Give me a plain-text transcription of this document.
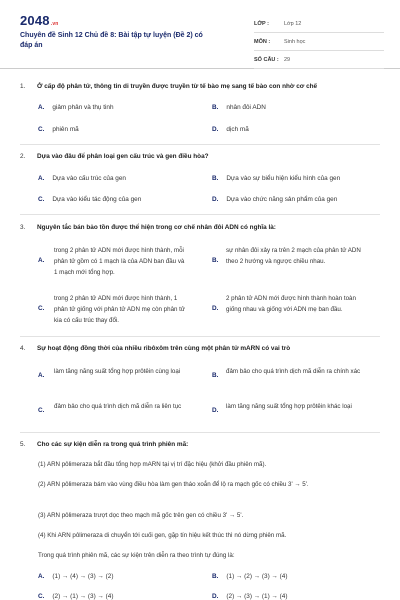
2048.vn
Chuyên đề Sinh 12 Chủ đề 8: Bài tập tự luyện (Đề 2) có đáp án
LỚP :	Lớp 12
MÔN :	Sinh học
SỐ CÂU : 29
1. Ở cấp độ phân tử, thông tin di truyền được truyền từ tế bào mẹ sang tế bào con nhờ cơ chế
A. giảm phân và thụ tinh	B. nhân đôi ADN
C. phiên mã	D. dịch mã
2. Dựa vào đâu để phân loại gen cấu trúc và gen điều hòa?
A. Dựa vào cấu trúc của gen	B. Dựa vào sự biểu hiện kiểu hình của gen
C. Dựa vào kiểu tác động của gen	D. Dựa vào chức năng sản phẩm của gen
3. Nguyên tắc bán bảo tồn được thể hiện trong cơ chế nhân đôi ADN có nghĩa là:
A.
trong 2 phân tử ADN mới được hình thành, mỗi phân tử gồm có 1 mạch là của ADN ban đầu và 1 mạch mới tổng hợp.
B.
sự nhân đôi xảy ra trên 2 mạch của phân tử ADN theo 2 hướng và ngược chiều nhau.
C.
trong 2 phân tử ADN mới được hình thành, 1 phân tử giống với phân tử ADN mẹ còn phân tử kia có cấu trúc thay đổi.
D.
2 phân tử ADN mới được hình thành hoàn toàn giống nhau và giống với ADN mẹ ban đầu.
4. Sự hoạt động đồng thời của nhiều ribôxôm trên cùng một phân tử mARN có vai trò
A.
làm tăng năng suất tổng hợp prôtêin cùng loại
B.
đảm bảo cho quá trình dịch mã diễn ra chính xác
C.
đảm bảo cho quá trình dịch mã diễn ra liên tục
D.
làm tăng năng suất tổng hợp prôtêin khác loại
5. Cho các sự kiện diễn ra trong quá trình phiên mã:
(1) ARN pôlimeraza bắt đầu tổng hợp mARN tại vị trí đặc hiệu (khởi đầu phiên mã).
(2) ARN pôlimeraza bám vào vùng điều hòa làm gen tháo xoắn để lộ ra mạch gốc có chiều 3' → 5'.
(3) ARN pôlimeraza trượt dọc theo mạch mã gốc trên gen có chiều 3' → 5'.
(4) Khi ARN pôlimeraza di chuyển tới cuối gen, gặp tín hiệu kết thúc thì nó dừng phiên mã.
Trong quá trình phiên mã, các sự kiện trên diễn ra theo trình tự đúng là:
A. (1) → (4) → (3) → (2)	B. (1) → (2) → (3) → (4)
C. (2) → (1) → (3) → (4)	D. (2) → (3) → (1) → (4)
